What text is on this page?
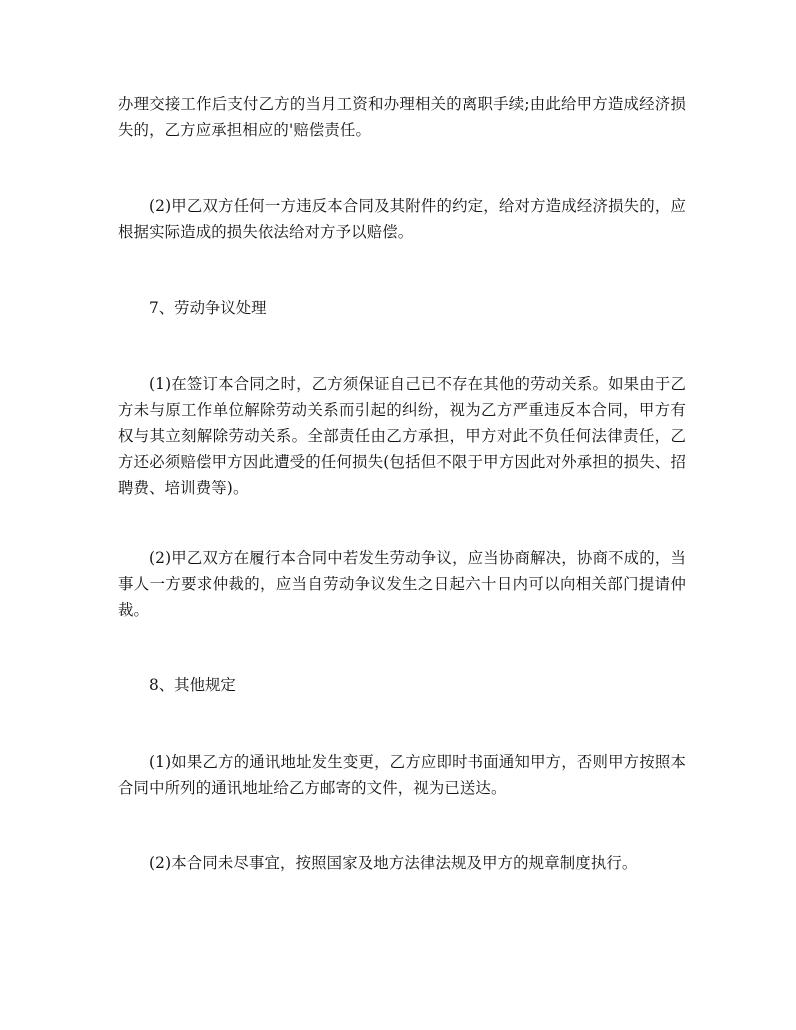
办理交接工作后支付乙方的当月工资和办理相关的离职手续;由此给甲方造成经济损失的，乙方应承担相应的'赔偿责任。

(2)甲乙双方任何一方违反本合同及其附件的约定，给对方造成经济损失的，应根据实际造成的损失依法给对方予以赔偿。

7、劳动争议处理

(1)在签订本合同之时，乙方须保证自己已不存在其他的劳动关系。如果由于乙方未与原工作单位解除劳动关系而引起的纠纷，视为乙方严重违反本合同，甲方有权与其立刻解除劳动关系。全部责任由乙方承担，甲方对此不负任何法律责任，乙方还必须赔偿甲方因此遭受的任何损失(包括但不限于甲方因此对外承担的损失、招聘费、培训费等)。

(2)甲乙双方在履行本合同中若发生劳动争议，应当协商解决，协商不成的，当事人一方要求仲裁的，应当自劳动争议发生之日起六十日内可以向相关部门提请仲裁。

8、其他规定

(1)如果乙方的通讯地址发生变更，乙方应即时书面通知甲方，否则甲方按照本合同中所列的通讯地址给乙方邮寄的文件，视为已送达。

(2)本合同未尽事宜，按照国家及地方法律法规及甲方的规章制度执行。
